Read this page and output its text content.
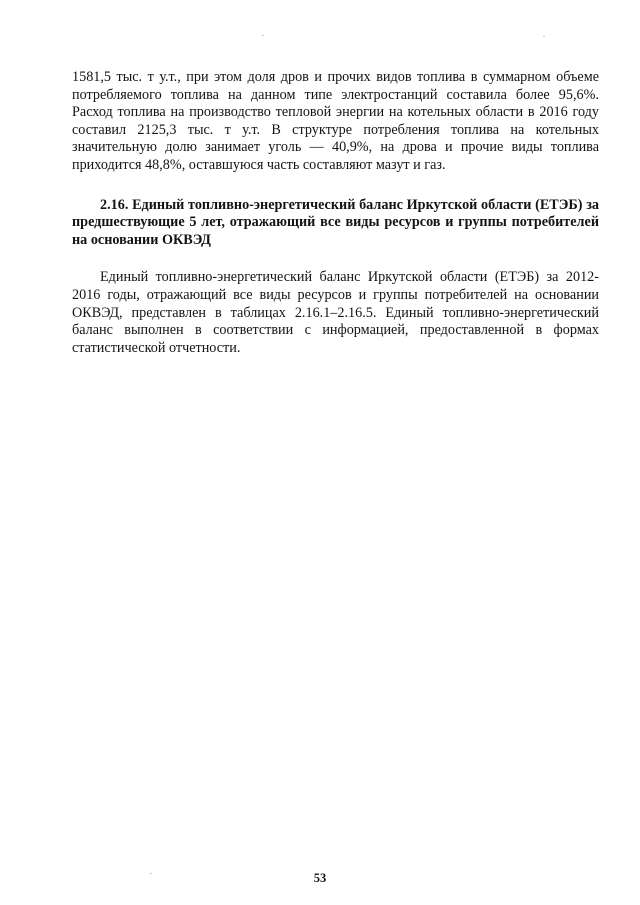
1581,5 тыс. т у.т., при этом доля дров и прочих видов топлива в суммарном объеме потребляемого топлива на данном типе электростанций составила более 95,6%. Расход топлива на производство тепловой энергии на котельных области в 2016 году составил 2125,3 тыс. т у.т. В структуре потребления топлива на котельных значительную долю занимает уголь — 40,9%, на дрова и прочие виды топлива приходится 48,8%, оставшуюся часть составляют мазут и газ.

2.16. Единый топливно-энергетический баланс Иркутской области (ЕТЭБ) за предшествующие 5 лет, отражающий все виды ресурсов и группы потребителей на основании ОКВЭД

Единый топливно-энергетический баланс Иркутской области (ЕТЭБ) за 2012-2016 годы, отражающий все виды ресурсов и группы потребителей на основании ОКВЭД, представлен в таблицах 2.16.1–2.16.5. Единый топливно-энергетический баланс выполнен в соответствии с информацией, предоставленной в формах статистической отчетности.

53
